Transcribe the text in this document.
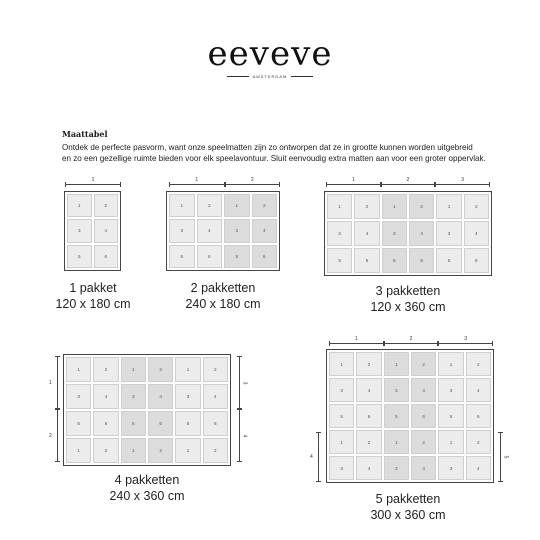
eeveve
AMSTERDAM
Maattabel
Ontdek de perfecte pasvorm, want onze speelmatten zijn zo ontworpen dat ze in grootte kunnen worden uitgebreid
en zo een gezellige ruimte bieden voor elk speelavontuur. Sluit eenvoudig extra matten aan voor een groter oppervlak.
1
1	2
3	4
5	6
1 pakket
120 x 180 cm
1	2
1	2	1	2
3	4	3	4
5	6	5	6
2 pakketten
240 x 180 cm
1	2	3
1	2	1	2	1	2
3	4	3	4	3	4
5	6	5	6	5	6
3 pakketten
120 x 360 cm
1
2
1	2	1	2	1	2
3	4	3	4	3	4
5	6	5	6	5	6
1	2	1	2	1	2
3
4
4 pakketten
240 x 360 cm
1	2	3
4
1	2	1	2	1	2
3	4	3	4	3	4
5	6	5	6	5	6
1	2	1	2	1	2
3	4	3	4	3	4
5
5 pakketten
300 x 360 cm
